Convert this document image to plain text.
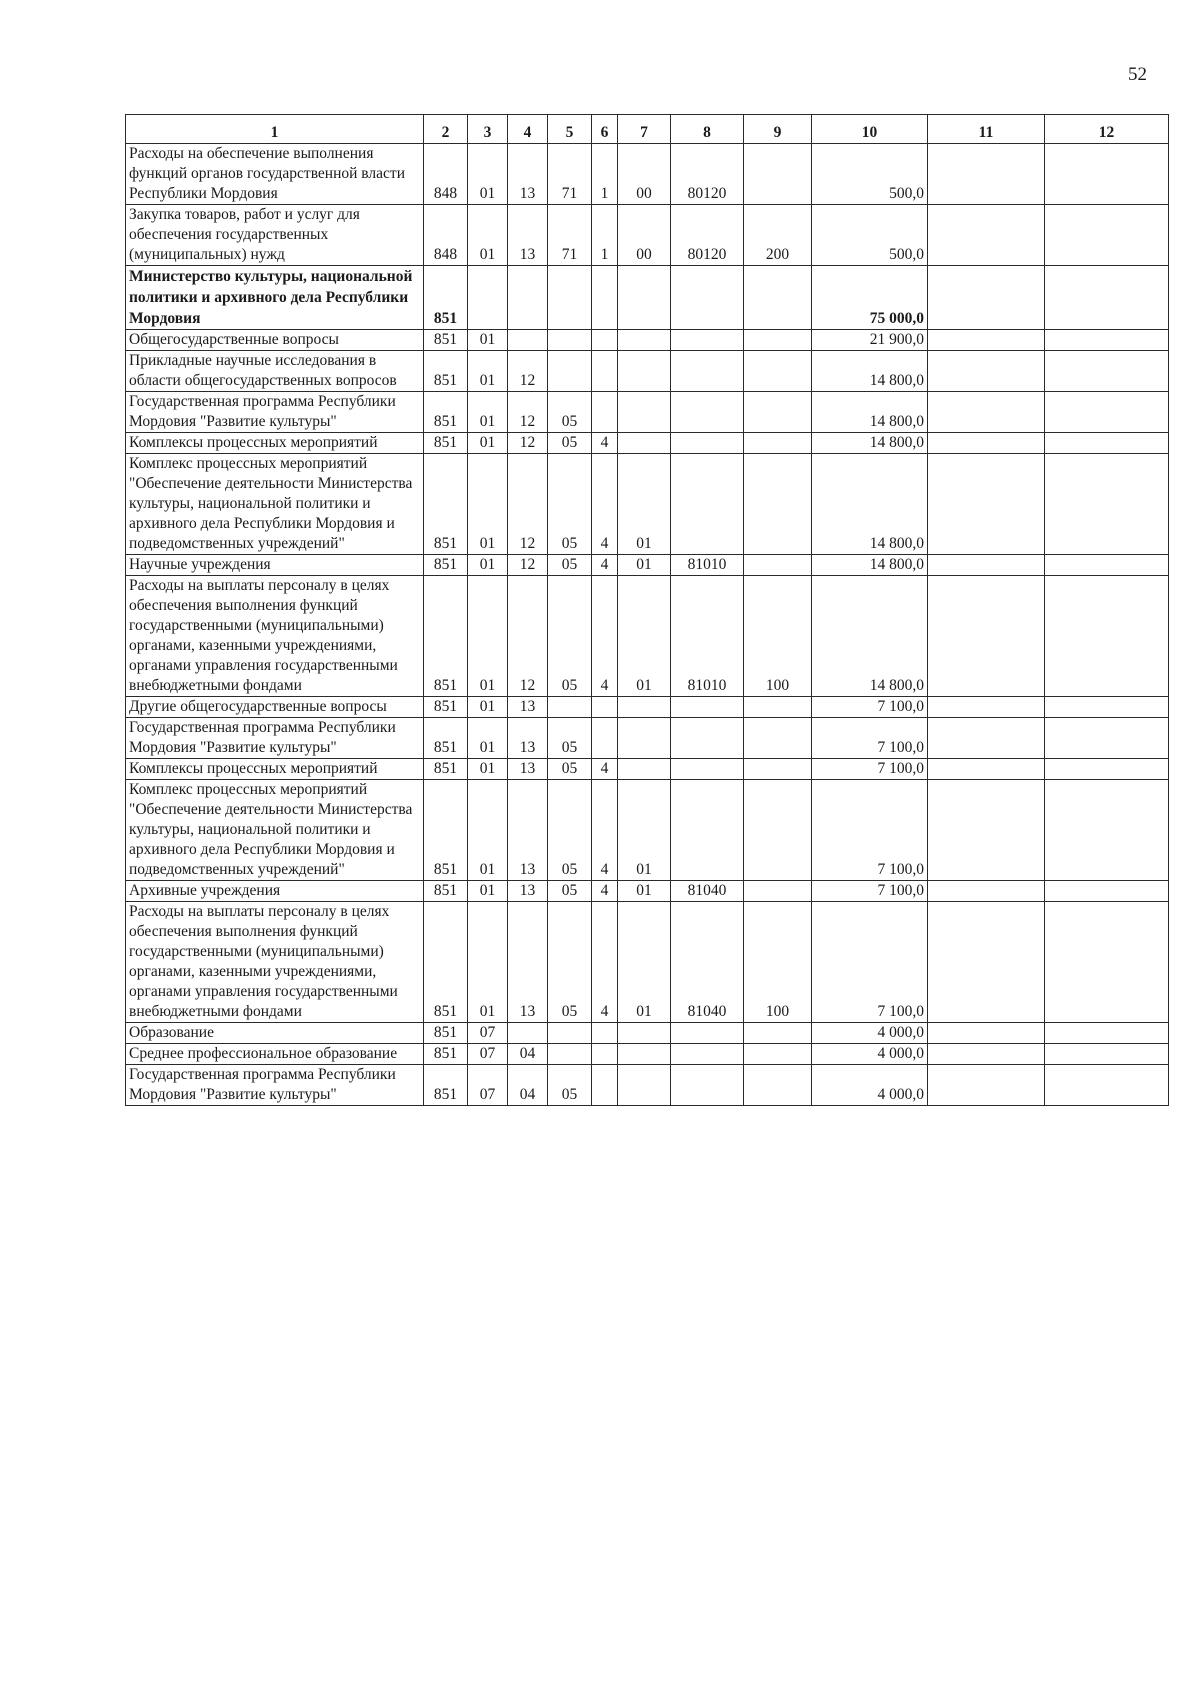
52
1	2	3	4	5	6	7	8	9	10	11	12
Расходы на обеспечение выполнения функций органов государственной власти Республики Мордовия	848	01	13	71	1	00	80120		500,0		
Закупка товаров, работ и услуг для обеспечения государственных (муниципальных) нужд	848	01	13	71	1	00	80120	200	500,0		
Министерство культуры, национальной политики и архивного дела Республики Мордовия	851								75 000,0		
Общегосударственные вопросы	851	01							21 900,0		
Прикладные научные исследования в области общегосударственных вопросов	851	01	12						14 800,0		
Государственная программа Республики Мордовия "Развитие культуры"	851	01	12	05					14 800,0		
Комплексы процессных мероприятий	851	01	12	05	4				14 800,0		
Комплекс процессных мероприятий "Обеспечение деятельности Министерства культуры, национальной политики и архивного дела Республики Мордовия и подведомственных учреждений"	851	01	12	05	4	01			14 800,0		
Научные учреждения	851	01	12	05	4	01	81010		14 800,0		
Расходы на выплаты персоналу в целях обеспечения выполнения функций государственными (муниципальными) органами, казенными учреждениями, органами управления государственными внебюджетными фондами	851	01	12	05	4	01	81010	100	14 800,0		
Другие общегосударственные вопросы	851	01	13						7 100,0		
Государственная программа Республики Мордовия "Развитие культуры"	851	01	13	05					7 100,0		
Комплексы процессных мероприятий	851	01	13	05	4				7 100,0		
Комплекс процессных мероприятий "Обеспечение деятельности Министерства культуры, национальной политики и архивного дела Республики Мордовия и подведомственных учреждений"	851	01	13	05	4	01			7 100,0		
Архивные учреждения	851	01	13	05	4	01	81040		7 100,0		
Расходы на выплаты персоналу в целях обеспечения выполнения функций государственными (муниципальными) органами, казенными учреждениями, органами управления государственными внебюджетными фондами	851	01	13	05	4	01	81040	100	7 100,0		
Образование	851	07							4 000,0		
Среднее профессиональное образование	851	07	04						4 000,0		
Государственная программа Республики Мордовия "Развитие культуры"	851	07	04	05					4 000,0		
